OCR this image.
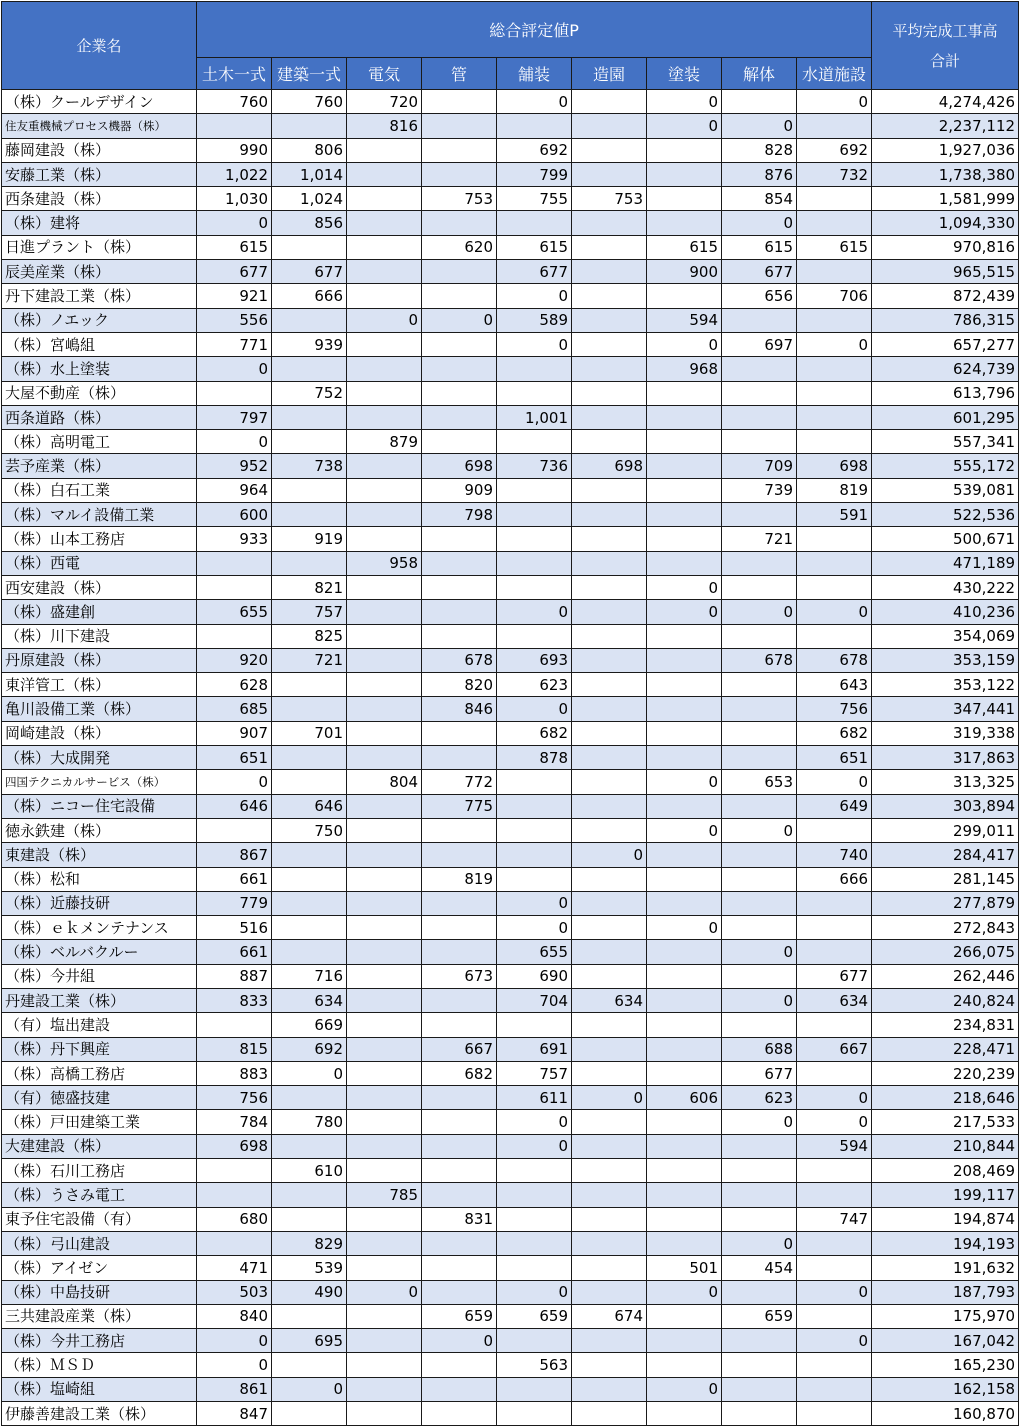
企業名	総合評定値P									平均完成工事高
合計
	土木一式	建築一式	電気	管	舗装	造園	塗装	解体	水道施設	
（株）クールデザイン	760	760	720		0		0		0	4,274,426
住友重機械プロセス機器（株）			816				0	0		2,237,112
藤岡建設（株）	990	806			692			828	692	1,927,036
安藤工業（株）	1,022	1,014			799			876	732	1,738,380
西条建設（株）	1,030	1,024		753	755	753		854		1,581,999
（株）建将	0	856						0		1,094,330
日進プラント（株）	615			620	615		615	615	615	970,816
辰美産業（株）	677	677			677		900	677		965,515
丹下建設工業（株）	921	666			0			656	706	872,439
（株）ノエック	556		0	0	589		594			786,315
（株）宮嶋組	771	939			0		0	697	0	657,277
（株）水上塗装	0						968			624,739
大屋不動産（株）		752								613,796
西条道路（株）	797				1,001					601,295
（株）高明電工	0		879							557,341
芸予産業（株）	952	738		698	736	698		709	698	555,172
（株）白石工業	964			909				739	819	539,081
（株）マルイ設備工業	600			798					591	522,536
（株）山本工務店	933	919						721		500,671
（株）西電			958							471,189
西安建設（株）		821					0			430,222
（株）盛建創	655	757			0		0	0	0	410,236
（株）川下建設		825								354,069
丹原建設（株）	920	721		678	693			678	678	353,159
東洋管工（株）	628			820	623				643	353,122
亀川設備工業（株）	685			846	0				756	347,441
岡崎建設（株）	907	701			682				682	319,338
（株）大成開発	651				878				651	317,863
四国テクニカルサービス（株）	0		804	772			0	653	0	313,325
（株）ニコー住宅設備	646	646		775					649	303,894
徳永鉄建（株）		750					0	0		299,011
東建設（株）	867					0			740	284,417
（株）松和	661			819					666	281,145
（株）近藤技研	779				0					277,879
（株）ｅｋメンテナンス	516				0		0			272,843
（株）ベルバクルー	661				655			0		266,075
（株）今井組	887	716		673	690				677	262,446
丹建設工業（株）	833	634			704	634		0	634	240,824
（有）塩出建設		669								234,831
（株）丹下興産	815	692		667	691			688	667	228,471
（株）高橋工務店	883	0		682	757			677		220,239
（有）徳盛技建	756				611	0	606	623	0	218,646
（株）戸田建築工業	784	780			0			0	0	217,533
大建建設（株）	698				0				594	210,844
（株）石川工務店		610								208,469
（株）うさみ電工			785							199,117
東予住宅設備（有）	680			831					747	194,874
（株）弓山建設		829						0		194,193
（株）アイゼン	471	539					501	454		191,632
（株）中島技研	503	490	0		0		0		0	187,793
三共建設産業（株）	840			659	659	674		659		175,970
（株）今井工務店	0	695		0					0	167,042
（株）ＭＳＤ	0				563					165,230
（株）塩崎組	861	0					0			162,158
伊藤善建設工業（株）	847									160,870
